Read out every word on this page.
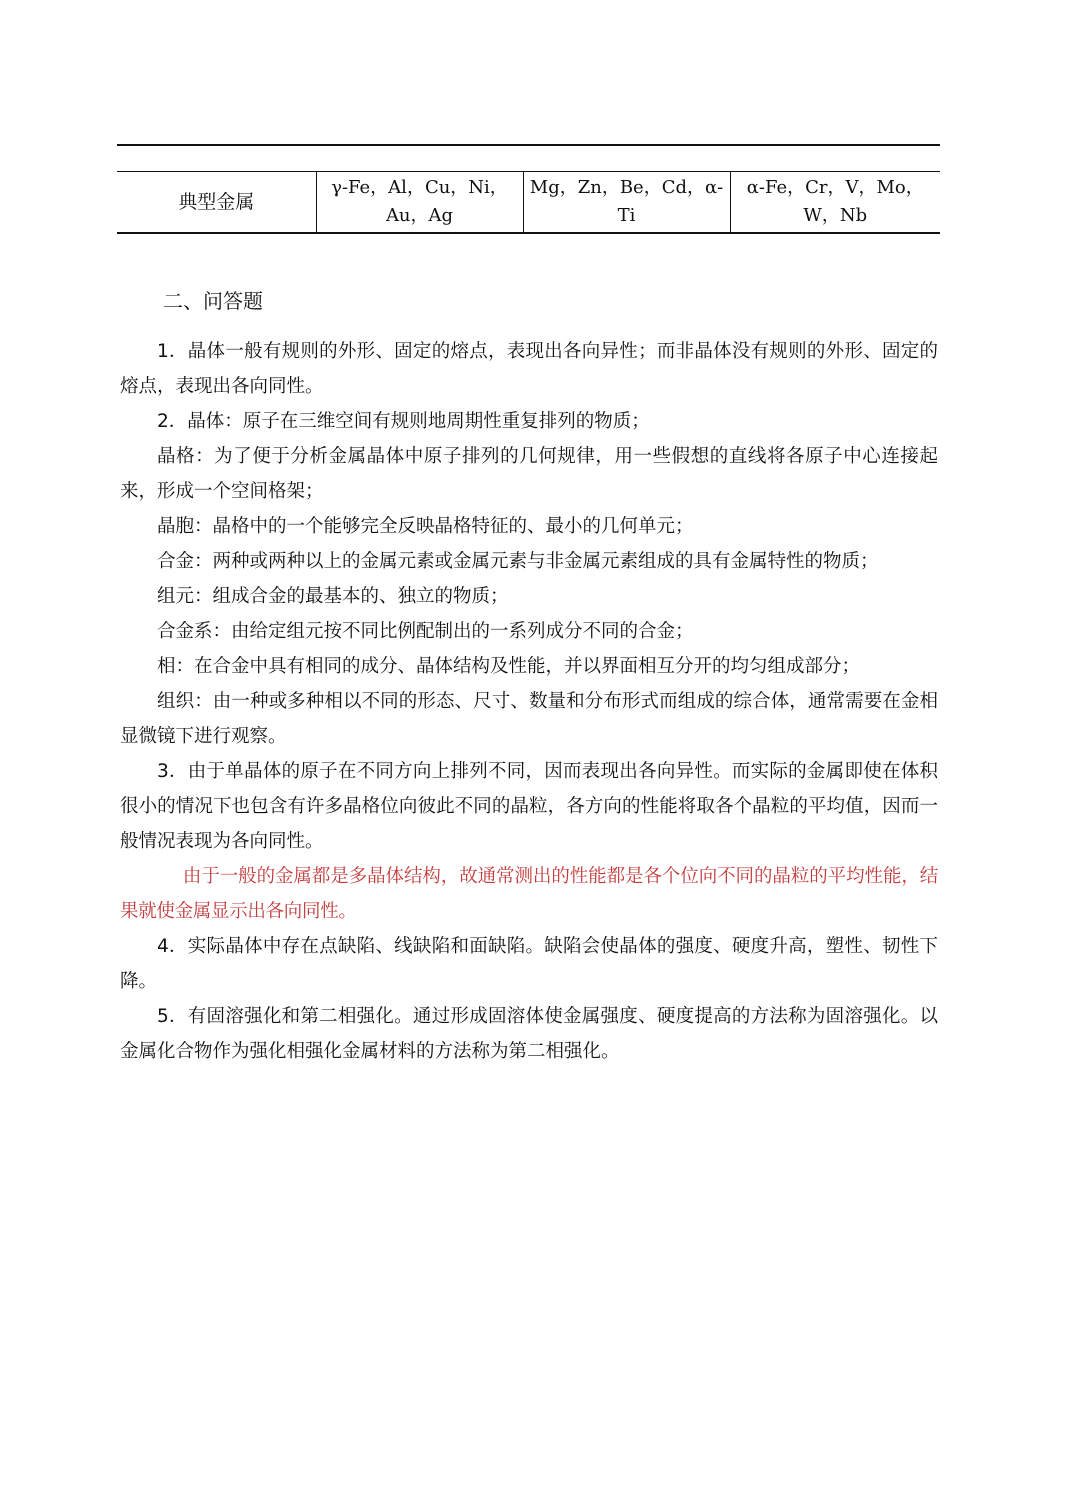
典型金属	γ-Fe，Al，Cu，Ni，Au，Ag	Mg，Zn，Be，Cd，α-Ti	α-Fe，Cr，V，Mo，W，Nb
二、问答题

1．晶体一般有规则的外形、固定的熔点，表现出各向异性；而非晶体没有规则的外形、固定的熔点，表现出各向同性。

2．晶体：原子在三维空间有规则地周期性重复排列的物质；

晶格：为了便于分析金属晶体中原子排列的几何规律，用一些假想的直线将各原子中心连接起来，形成一个空间格架；

晶胞：晶格中的一个能够完全反映晶格特征的、最小的几何单元；

合金：两种或两种以上的金属元素或金属元素与非金属元素组成的具有金属特性的物质；

组元：组成合金的最基本的、独立的物质；

合金系：由给定组元按不同比例配制出的一系列成分不同的合金；

相：在合金中具有相同的成分、晶体结构及性能，并以界面相互分开的均匀组成部分；

组织：由一种或多种相以不同的形态、尺寸、数量和分布形式而组成的综合体，通常需要在金相显微镜下进行观察。

3．由于单晶体的原子在不同方向上排列不同，因而表现出各向异性。而实际的金属即使在体积很小的情况下也包含有许多晶格位向彼此不同的晶粒，各方向的性能将取各个晶粒的平均值，因而一般情况表现为各向同性。

由于一般的金属都是多晶体结构，故通常测出的性能都是各个位向不同的晶粒的平均性能，结果就使金属显示出各向同性。

4．实际晶体中存在点缺陷、线缺陷和面缺陷。缺陷会使晶体的强度、硬度升高，塑性、韧性下降。

5．有固溶强化和第二相强化。通过形成固溶体使金属强度、硬度提高的方法称为固溶强化。以金属化合物作为强化相强化金属材料的方法称为第二相强化。
